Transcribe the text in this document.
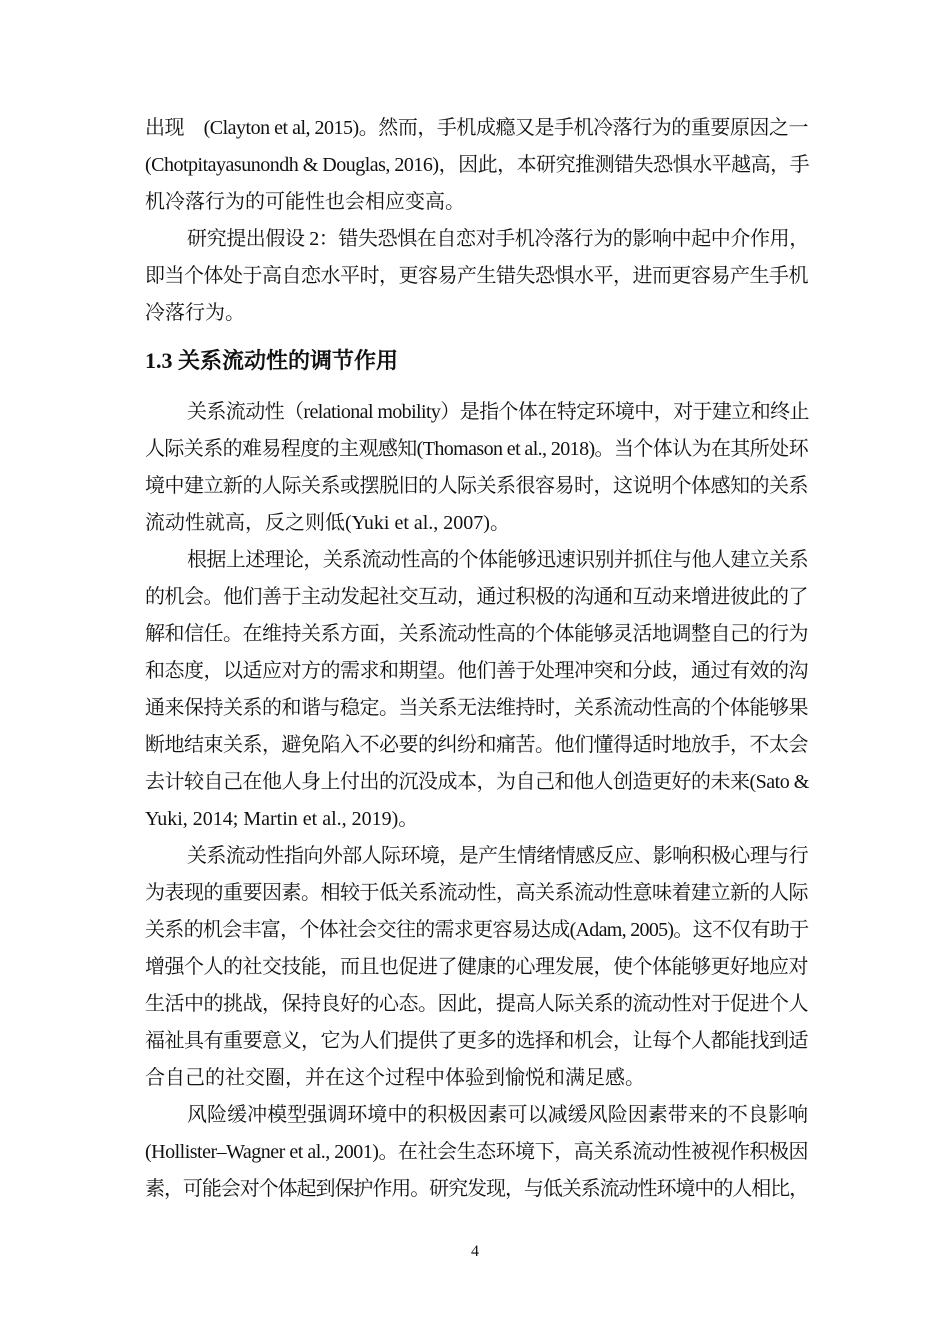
出现　(Clayton et al, 2015)。然而，手机成瘾又是手机冷落行为的重要原因之一
(Chotpitayasunondh & Douglas, 2016)，因此，本研究推测错失恐惧水平越高，手
机冷落行为的可能性也会相应变高。
研究提出假设 2：错失恐惧在自恋对手机冷落行为的影响中起中介作用，
即当个体处于高自恋水平时，更容易产生错失恐惧水平，进而更容易产生手机
冷落行为。
1.3 关系流动性的调节作用
关系流动性（relational mobility）是指个体在特定环境中，对于建立和终止
人际关系的难易程度的主观感知(Thomason et al., 2018)。当个体认为在其所处环
境中建立新的人际关系或摆脱旧的人际关系很容易时，这说明个体感知的关系
流动性就高，反之则低(Yuki et al., 2007)。
根据上述理论，关系流动性高的个体能够迅速识别并抓住与他人建立关系
的机会。他们善于主动发起社交互动，通过积极的沟通和互动来增进彼此的了
解和信任。在维持关系方面，关系流动性高的个体能够灵活地调整自己的行为
和态度，以适应对方的需求和期望。他们善于处理冲突和分歧，通过有效的沟
通来保持关系的和谐与稳定。当关系无法维持时，关系流动性高的个体能够果
断地结束关系，避免陷入不必要的纠纷和痛苦。他们懂得适时地放手，不太会
去计较自己在他人身上付出的沉没成本，为自己和他人创造更好的未来(Sato &
Yuki, 2014; Martin et al., 2019)。
关系流动性指向外部人际环境，是产生情绪情感反应、影响积极心理与行
为表现的重要因素。相较于低关系流动性，高关系流动性意味着建立新的人际
关系的机会丰富，个体社会交往的需求更容易达成(Adam, 2005)。这不仅有助于
增强个人的社交技能，而且也促进了健康的心理发展，使个体能够更好地应对
生活中的挑战，保持良好的心态。因此，提高人际关系的流动性对于促进个人
福祉具有重要意义，它为人们提供了更多的选择和机会，让每个人都能找到适
合自己的社交圈，并在这个过程中体验到愉悦和满足感。
风险缓冲模型强调环境中的积极因素可以减缓风险因素带来的不良影响
(Hollister–Wagner et al., 2001)。在社会生态环境下，高关系流动性被视作积极因
素，可能会对个体起到保护作用。研究发现，与低关系流动性环境中的人相比，
4
